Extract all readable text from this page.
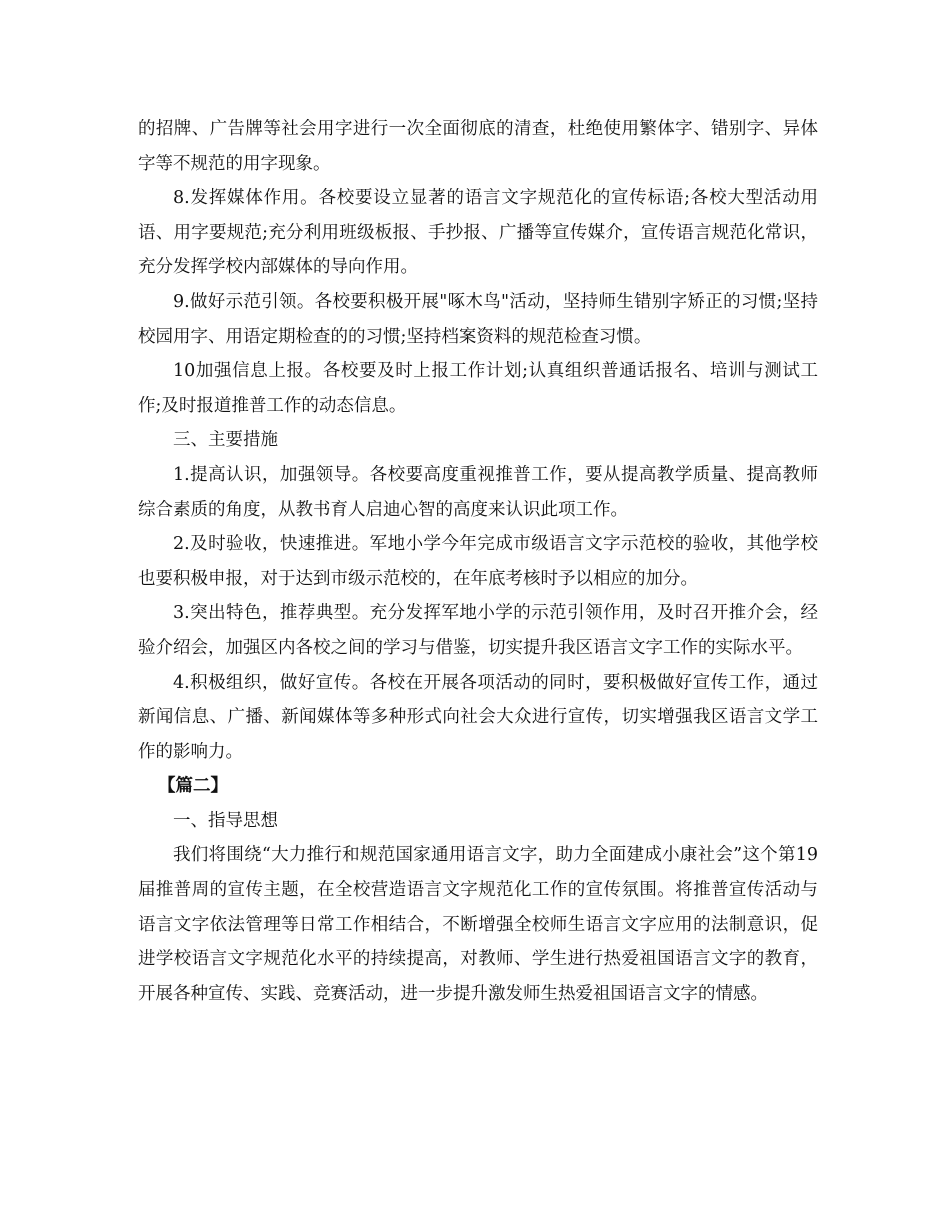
的招牌、广告牌等社会用字进行一次全面彻底的清查，杜绝使用繁体字、错别字、异体字等不规范的用字现象。

8.发挥媒体作用。各校要设立显著的语言文字规范化的宣传标语;各校大型活动用语、用字要规范;充分利用班级板报、手抄报、广播等宣传媒介，宣传语言规范化常识，充分发挥学校内部媒体的导向作用。

9.做好示范引领。各校要积极开展"啄木鸟"活动，坚持师生错别字矫正的习惯;坚持校园用字、用语定期检查的的习惯;坚持档案资料的规范检查习惯。

10加强信息上报。各校要及时上报工作计划;认真组织普通话报名、培训与测试工作;及时报道推普工作的动态信息。

三、主要措施

1.提高认识，加强领导。各校要高度重视推普工作，要从提高教学质量、提高教师综合素质的角度，从教书育人启迪心智的高度来认识此项工作。

2.及时验收，快速推进。军地小学今年完成市级语言文字示范校的验收，其他学校也要积极申报，对于达到市级示范校的，在年底考核时予以相应的加分。

3.突出特色，推荐典型。充分发挥军地小学的示范引领作用，及时召开推介会，经验介绍会，加强区内各校之间的学习与借鉴，切实提升我区语言文字工作的实际水平。

4.积极组织，做好宣传。各校在开展各项活动的同时，要积极做好宣传工作，通过新闻信息、广播、新闻媒体等多种形式向社会大众进行宣传，切实增强我区语言文学工作的影响力。

【篇二】

一、指导思想

我们将围绕“大力推行和规范国家通用语言文字，助力全面建成小康社会”这个第19届推普周的宣传主题，在全校营造语言文字规范化工作的宣传氛围。将推普宣传活动与语言文字依法管理等日常工作相结合，不断增强全校师生语言文字应用的法制意识，促进学校语言文字规范化水平的持续提高，对教师、学生进行热爱祖国语言文字的教育，开展各种宣传、实践、竞赛活动，进一步提升激发师生热爱祖国语言文字的情感。
